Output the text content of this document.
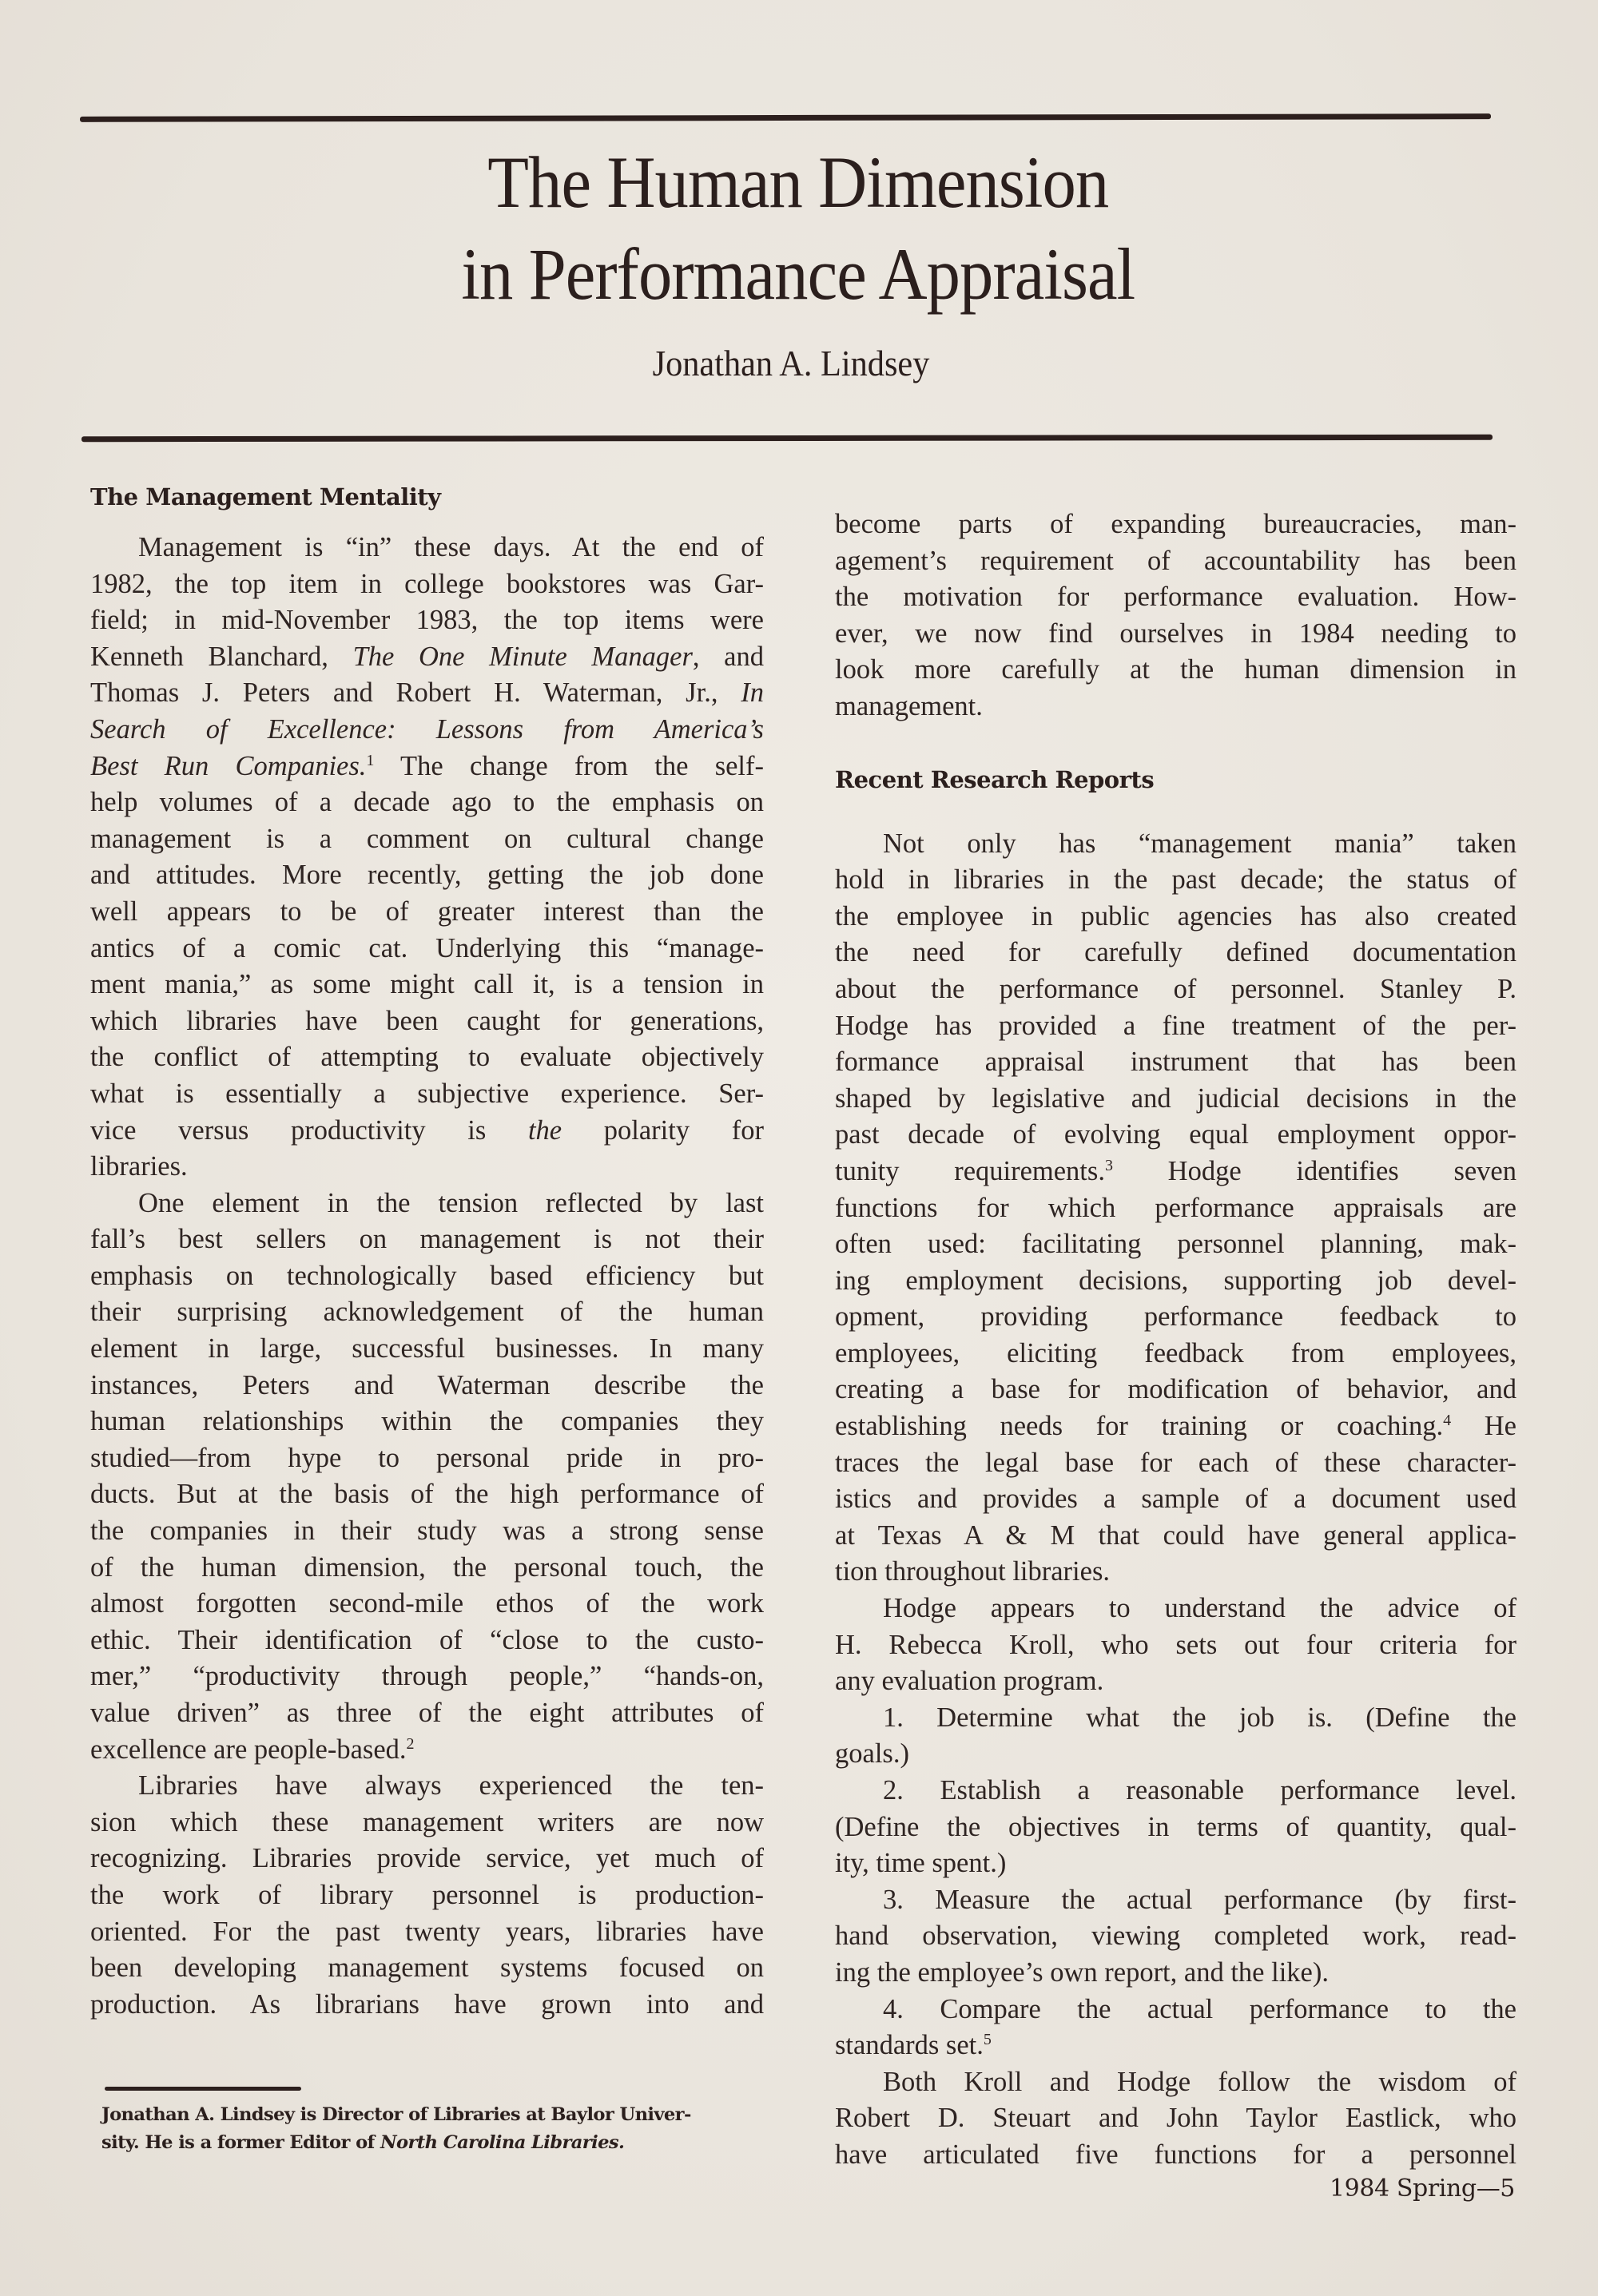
The Human Dimension
in Performance Appraisal
Jonathan A. Lindsey
The Management Mentality
Management is “in” these days. At the end of
1982, the top item in college bookstores was Gar-
field; in mid-November 1983, the top items were
Kenneth Blanchard, The One Minute Manager, and
Thomas J. Peters and Robert H. Waterman, Jr., In
Search of Excellence: Lessons from America’s
Best Run Companies.$^1$ The change from the self-
help volumes of a decade ago to the emphasis on
management is a comment on cultural change
and attitudes. More recently, getting the job done
well appears to be of greater interest than the
antics of a comic cat. Underlying this “manage-
ment mania,” as some might call it, is a tension in
which libraries have been caught for generations,
the conflict of attempting to evaluate objectively
what is essentially a subjective experience. Ser-
vice versus productivity is the polarity for
libraries.
One element in the tension reflected by last
fall’s best sellers on management is not their
emphasis on technologically based efficiency but
their surprising acknowledgement of the human
element in large, successful businesses. In many
instances, Peters and Waterman describe the
human relationships within the companies they
studied—from hype to personal pride in pro-
ducts. But at the basis of the high performance of
the companies in their study was a strong sense
of the human dimension, the personal touch, the
almost forgotten second-mile ethos of the work
ethic. Their identification of “close to the custo-
mer,” “productivity through people,” “hands-on,
value driven” as three of the eight attributes of
excellence are people-based.$^2$
Libraries have always experienced the ten-
sion which these management writers are now
recognizing. Libraries provide service, yet much of
the work of library personnel is production-
oriented. For the past twenty years, libraries have
been developing management systems focused on
production. As librarians have grown into and
become parts of expanding bureaucracies, man-
agement’s requirement of accountability has been
the motivation for performance evaluation. How-
ever, we now find ourselves in 1984 needing to
look more carefully at the human dimension in
management.
Recent Research Reports
Not only has “management mania” taken
hold in libraries in the past decade; the status of
the employee in public agencies has also created
the need for carefully defined documentation
about the performance of personnel. Stanley P.
Hodge has provided a fine treatment of the per-
formance appraisal instrument that has been
shaped by legislative and judicial decisions in the
past decade of evolving equal employment oppor-
tunity requirements.$^3$ Hodge identifies seven
functions for which performance appraisals are
often used: facilitating personnel planning, mak-
ing employment decisions, supporting job devel-
opment, providing performance feedback to
employees, eliciting feedback from employees,
creating a base for modification of behavior, and
establishing needs for training or coaching.$^4$ He
traces the legal base for each of these character-
istics and provides a sample of a document used
at Texas A & M that could have general applica-
tion throughout libraries.
Hodge appears to understand the advice of
H. Rebecca Kroll, who sets out four criteria for
any evaluation program.
1. Determine what the job is. (Define the
goals.)
2. Establish a reasonable performance level.
(Define the objectives in terms of quantity, qual-
ity, time spent.)
3. Measure the actual performance (by first-
hand observation, viewing completed work, read-
ing the employee’s own report, and the like).
4. Compare the actual performance to the
standards set.$^5$
Both Kroll and Hodge follow the wisdom of
Robert D. Steuart and John Taylor Eastlick, who
have articulated five functions for a personnel
Jonathan A. Lindsey is Director of Libraries at Baylor Univer-
sity. He is a former Editor of North Carolina Libraries.
1984 Spring—5
